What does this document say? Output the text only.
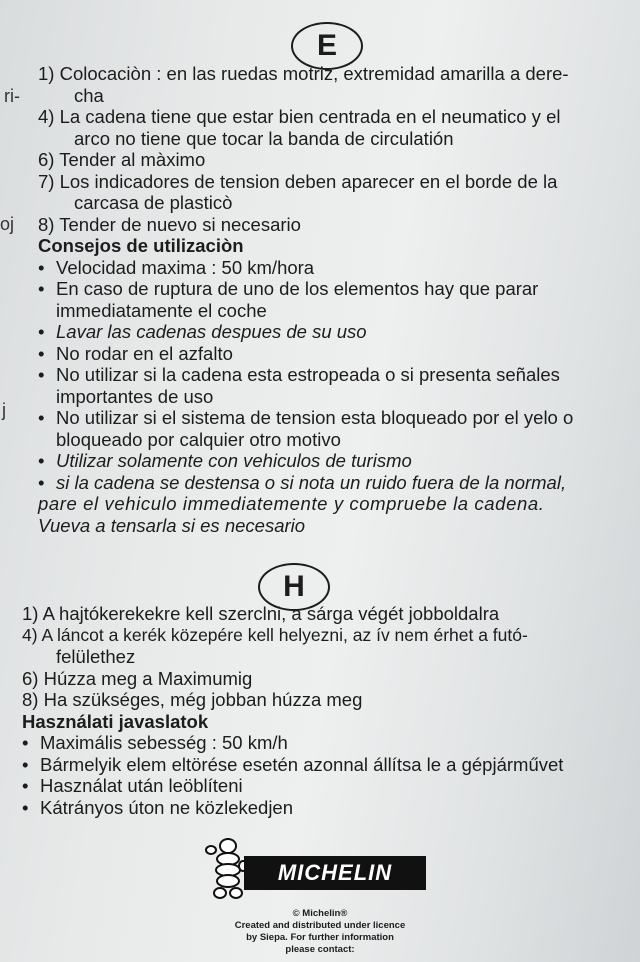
E
ri-
oj
j
1) Colocaciòn : en las ruedas motriz, extremidad amarilla a dere-
cha
4) La cadena tiene que estar bien centrada en el neumatico y el
arco no tiene que tocar la banda de circulatión
6) Tender al màximo
7) Los indicadores de tension deben aparecer en el borde de la
carcasa de plasticò
8) Tender de nuevo si necesario
Consejos de utilizaciòn
• Velocidad maxima : 50 km/hora
• En caso de ruptura de uno de los elementos hay que parar
immediatamente el coche
• Lavar las cadenas despues de su uso
• No rodar en el azfalto
• No utilizar si la cadena esta estropeada o si presenta señales
importantes de uso
• No utilizar si el sistema de tension esta bloqueado por el yelo o
bloqueado por calquier otro motivo
• Utilizar solamente con vehiculos de turismo
• si la cadena se destensa o si nota un ruido fuera de la normal,
pare el vehiculo immediatemente y compruebe la cadena.
Vueva a tensarla si es necesario
H
1) A hajtókerekekre kell szerclni, a sárga végét jobboldalra
4) A láncot a kerék közepére kell helyezni, az ív nem érhet a futó-
felülethez
6) Húzza meg a Maximumig
8) Ha szükséges, még jobban húzza meg
Használati javaslatok
• Maximális sebesség : 50 km/h
• Bármelyik elem eltörése esetén azonnal állítsa le a gépjárművet
• Használat után leöblíteni
• Kátrányos úton ne közlekedjen
MICHELIN
© Michelin®
Created and distributed under licence
by Siepa. For further information
please contact:
